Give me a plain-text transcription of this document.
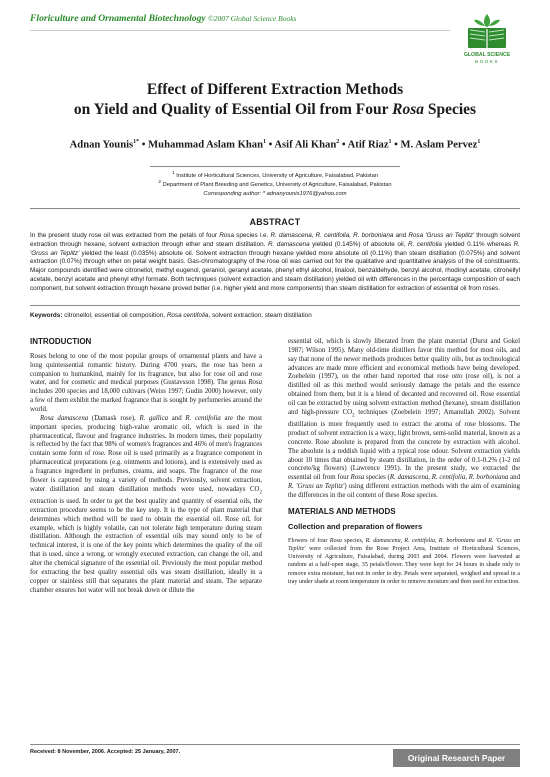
Floriculture and Ornamental Biotechnology ©2007 Global Science Books
GLOBAL SCIENCE
BOOKS
Effect of Different Extraction Methods
on Yield and Quality of Essential Oil from Four Rosa Species
Adnan Younis$^{1*}$ • Muhammad Aslam Khan$^1$ • Asif Ali Khan$^2$ • Atif Riaz$^1$ • M. Aslam Pervez$^1$
$^1$ Institute of Horticultural Sciences, University of Agriculture, Faisalabad, Pakistan
$^2$ Department of Plant Breeding and Genetics, University of Agriculture, Faisalabad, Pakistan
Corresponding author: * adnanyounis1976@yahoo.com
ABSTRACT
In the present study rose oil was extracted from the petals of four Rosa species i.e. R. damascena, R. centifolia, R. borboniana and Rosa 'Gruss an Teplitz' through solvent extraction through hexane, solvent extraction through ether and steam distillation. R. damascena yielded (0.145%) of absolute oil, R. centifolia yielded 0.11% whereas R. 'Gruss an Teplitz' yielded the least (0.035%) absolute oil. Solvent extraction through hexane yielded more absolute oil (0.11%) than steam distillation (0.075%) and solvent extraction (0.07%) through ether on petal weight basis. Gas-chromatography of the rose oil was carried out for the qualitative and quantitative analysis of the oil constituents. Major compounds identified were citronellol, methyl eugenol, geraniol, geranyl acetate, phenyl ethyl alcohol, linalool, benzaldehyde, benzyl alcohol, rhodinyl acetate, citronellyl acetate, benzyl acetate and phenyl ethyl formate. Both techniques (solvent extraction and steam distillation) yielded oil with differences in the percentage composition of each component, but solvent extraction through hexane proved better (i.e. higher yield and more components) than steam distillation for extraction of essential oil from roses.
Keywords: citronellol, essential oil composition, Rosa centifolia, solvent extraction, steam distillation
INTRODUCTION

Roses belong to one of the most popular groups of ornamental plants and have a long quintessential romantic history. During 4700 years, the rose has been a companion to humankind, mainly for its fragrance, but also for rose oil and rose water, and for cosmetic and medical purposes (Gustavsson 1998). The genus Rosa includes 200 species and 18,000 cultivars (Weiss 1997; Gudin 2000) however, only a few of them exhibit the marked fragrance that is sought by perfumeries around the world.

Rosa damascena (Damask rose), R. gallica and R. centifolia are the most important species, producing high-value aromatic oil, which is used in the pharmaceutical, flavour and fragrance industries. In modern times, their popularity is reflected by the fact that 98% of women's fragrances and 46% of men's fragrances contain some form of rose. Rose oil is used primarily as a fragrance component in pharmaceutical preparations (e.g. ointments and lotions), and is extensively used as a fragrance ingredient in perfumes, creams, and soaps. The fragrance of the rose flower is captured by using a variety of methods. Previously, solvent extraction, water distillation and steam distillation methods were used, nowadays $CO_2$ extraction is used. In order to get the best quality and quantity of essential oils, the extraction procedure seems to be the key step. It is the type of plant material that determines which method will be used to obtain the essential oil. Rose oil, for example, which is highly volatile, can not tolerate high temperature during steam distillation. Although the extraction of essential oils may sound only to be of technical interest, it is one of the key points which determines the quality of the oil that is used, since a wrong, or wrongly executed extraction, can change the oil, and alter the chemical signature of the essential oil. Previously the most popular method for extracting the best quality essential oils was steam distillation, ideally in a copper or stainless still that separates the plant material and steam. The separate chamber ensures hot water will not break down or dilute the

essential oil, which is slowly liberated from the plant material (Durst and Gokel 1987; Wilson 1995). Many old-time distillers favor this method for most oils, and say that none of the newer methods produces better quality oils, but as technological advances are made more efficient and economical methods have being developed. Zoebelein (1997), on the other hand reported that rose otto (rose oil), is not a distilled oil as this method would seriously damage the petals and the essence obtained from them, but it is a blend of decanted and recovered oil. Rose essential oil can be extracted by using solvent extraction method (hexane), stream distillation and high-pressure $CO_2$ techniques (Zoebelein 1997; Amanullah 2002). Solvent distillation is more frequently used to extract the aroma of rose blossoms. The product of solvent extraction is a waxy, light brown, semi-solid material, known as a concrete. Rose absolute is prepared from the concrete by extraction with alcohol. The absolute is a reddish liquid with a typical rose odour. Solvent extraction yields about 10 times that obtained by steam distillation, in the order of 0.1-0.2% (1-2 ml concrete/kg flowers) (Lawrence 1991). In the present study, we extracted the essential oil from four Rosa species (R. damascena, R. centifolia, R. borboniana and R. 'Gruss an Teplitz') using different extraction methods with the aim of examining the differences in the oil content of these Rosa species.

MATERIALS AND METHODS
Collection and preparation of flowers

Flowers of four Rosa species, R. damascena, R. centifolia, R. borboniana and R. 'Gruss an Teplitz' were collected from the Rose Project Area, Institute of Horticultural Sciences, University of Agriculture, Faisalabad, during 2003 and 2004. Flowers were harvested at random at a half-open stage, 35 petals/flower. They were kept for 24 hours in shade only to remove extra moisture, but not in order to dry. Petals were separated, weighed and spread in a tray under shade at room temperature in order to remove moisture and then used for extraction.

Received: 8 November, 2006. Accepted: 25 January, 2007.
Original Research Paper
